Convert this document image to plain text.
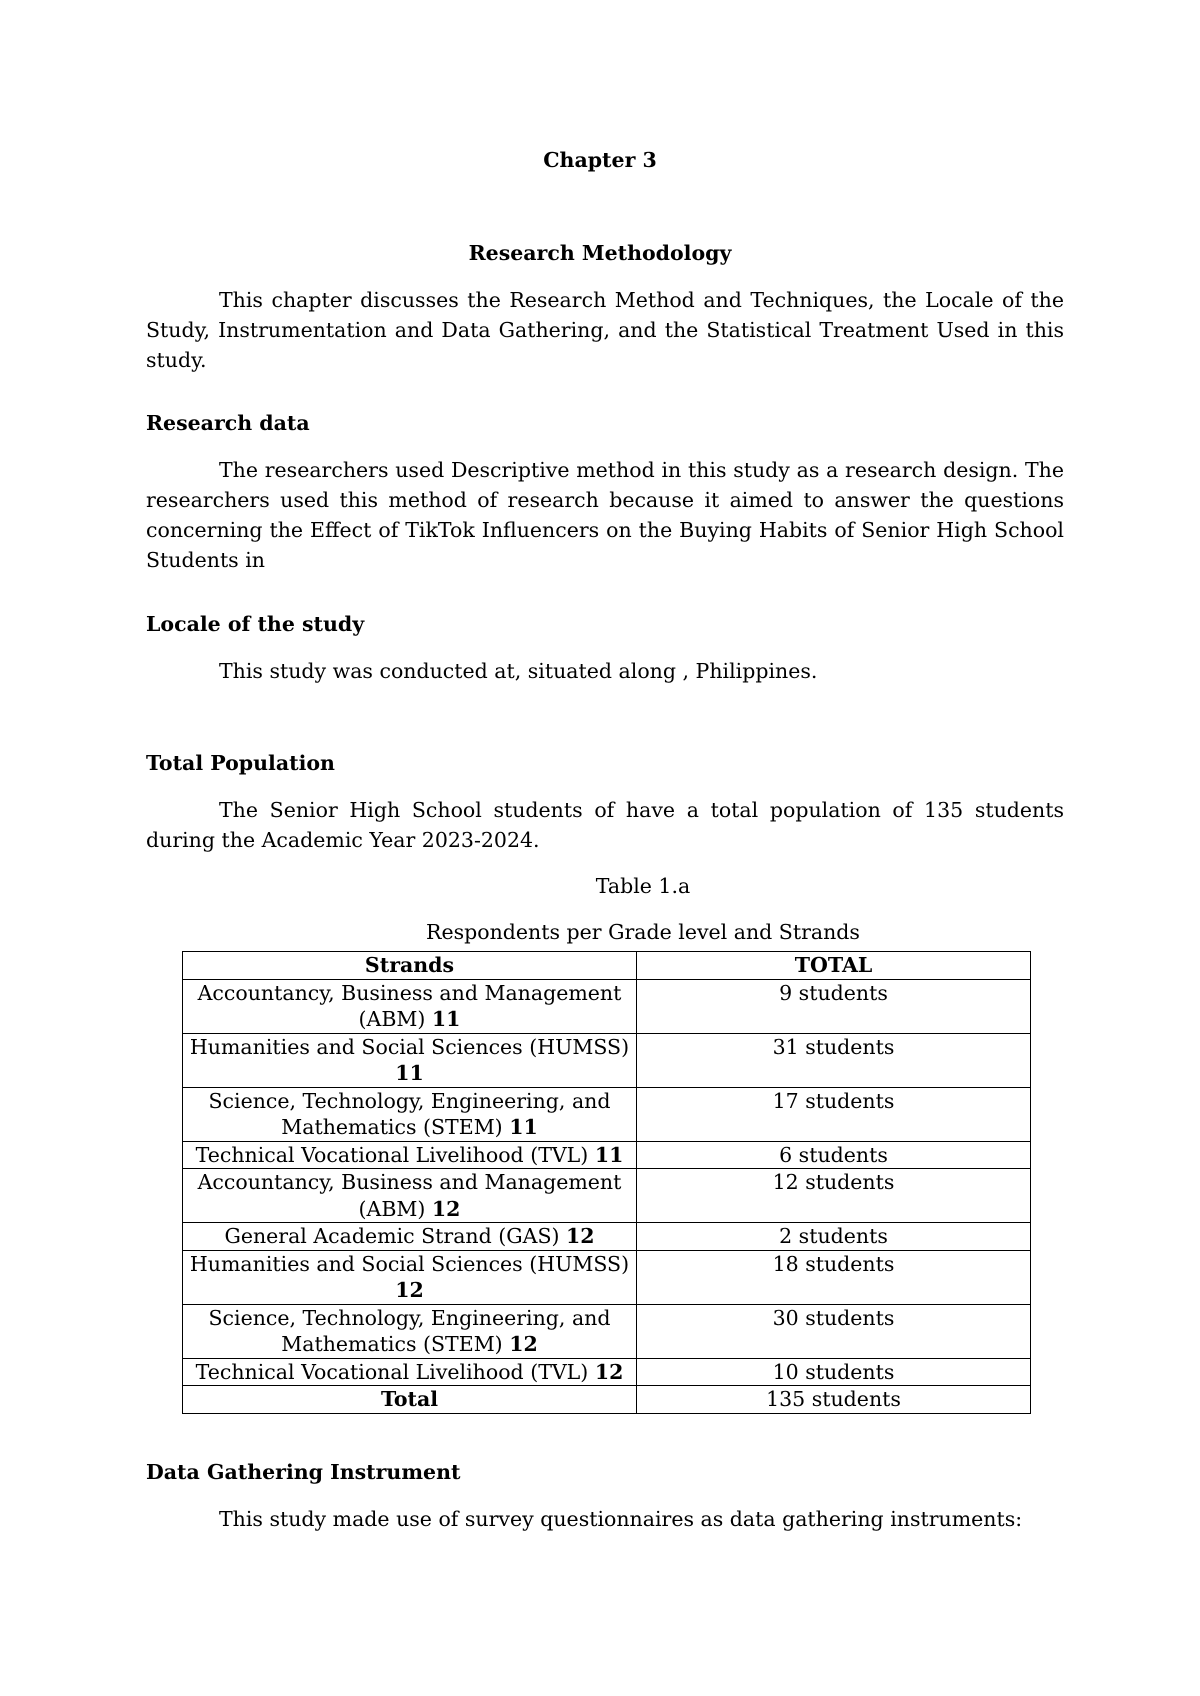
Chapter 3
Research Methodology
This chapter discusses the Research Method and Techniques, the Locale of the Study, Instrumentation and Data Gathering, and the Statistical Treatment Used in this study.
Research data
The researchers used Descriptive method in this study as a research design. The researchers used this method of research because it aimed to answer the questions concerning the Effect of TikTok Influencers on the Buying Habits of Senior High School Students in
Locale of the study
This study was conducted at, situated along , Philippines.
Total Population
The Senior High School students of have a total population of 135 students during the Academic Year 2023-2024.
Table 1.a
Respondents per Grade level and Strands
Strands	TOTAL
Accountancy, Business and Management (ABM) 11	9 students
Humanities and Social Sciences (HUMSS) 11	31 students
Science, Technology, Engineering, and Mathematics (STEM) 11	17 students
Technical Vocational Livelihood (TVL) 11	6 students
Accountancy, Business and Management (ABM) 12	12 students
General Academic Strand (GAS) 12	2 students
Humanities and Social Sciences (HUMSS) 12	18 students
Science, Technology, Engineering, and Mathematics (STEM) 12	30 students
Technical Vocational Livelihood (TVL) 12	10 students
Total	135 students
Data Gathering Instrument
This study made use of survey questionnaires as data gathering instruments:
